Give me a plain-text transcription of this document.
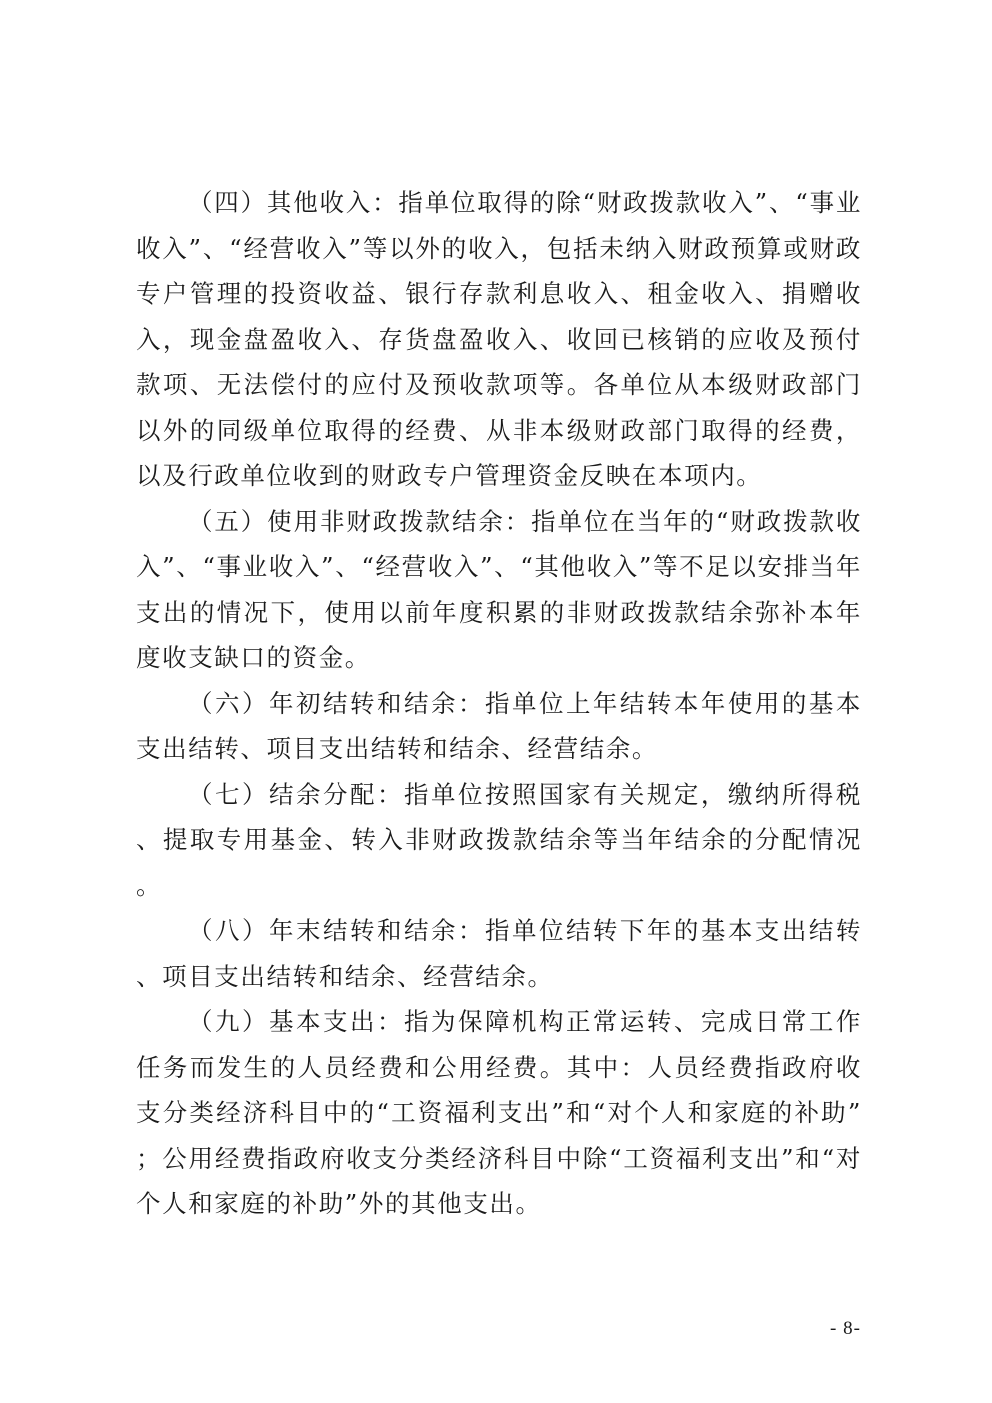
（四）其他收入：指单位取得的除“财政拨款收入”、“事业收入”、“经营收入”等以外的收入，包括未纳入财政预算或财政专户管理的投资收益、银行存款利息收入、租金收入、捐赠收入，现金盘盈收入、存货盘盈收入、收回已核销的应收及预付款项、无法偿付的应付及预收款项等。各单位从本级财政部门以外的同级单位取得的经费、从非本级财政部门取得的经费，以及行政单位收到的财政专户管理资金反映在本项内。

（五）使用非财政拨款结余：指单位在当年的“财政拨款收入”、“事业收入”、“经营收入”、“其他收入”等不足以安排当年支出的情况下，使用以前年度积累的非财政拨款结余弥补本年度收支缺口的资金。

（六）年初结转和结余：指单位上年结转本年使用的基本支出结转、项目支出结转和结余、经营结余。

（七）结余分配：指单位按照国家有关规定，缴纳所得税、提取专用基金、转入非财政拨款结余等当年结余的分配情况。

（八）年末结转和结余：指单位结转下年的基本支出结转、项目支出结转和结余、经营结余。

（九）基本支出：指为保障机构正常运转、完成日常工作任务而发生的人员经费和公用经费。其中：人员经费指政府收支分类经济科目中的“工资福利支出”和“对个人和家庭的补助”；公用经费指政府收支分类经济科目中除“工资福利支出”和“对个人和家庭的补助”外的其他支出。

- 8-
